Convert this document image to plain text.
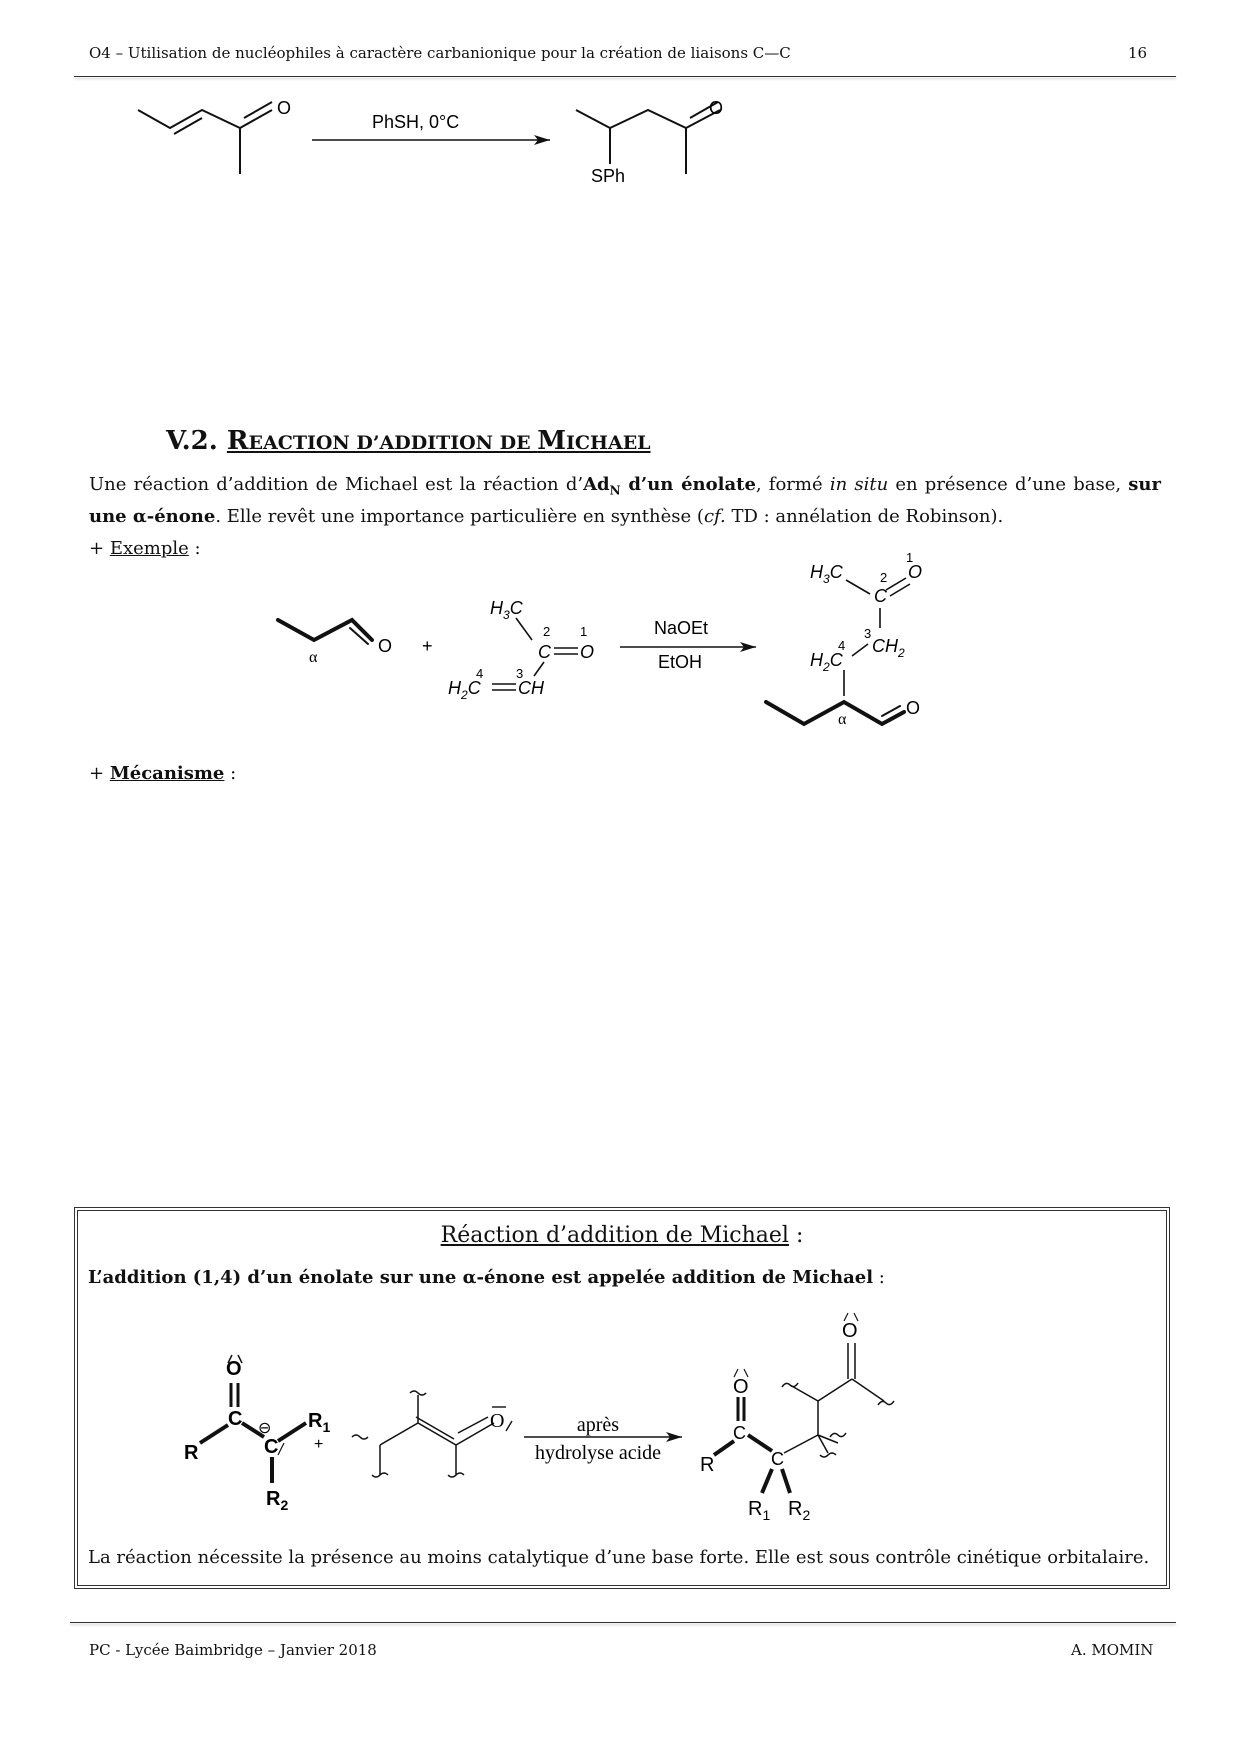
O4 – Utilisation de nucléophiles à caractère carbanionique pour la création de liaisons C—C	16
O
PhSH, 0°C
O
SPh
V.2. REACTION D’ADDITION DE MICHAEL
Une réaction d’addition de Michael est la réaction $d’Ad_N$ d’un énolate, formé in situ en présence d’une base, sur une α-énone. Elle revêt une importance particulière en synthèse (cf. TD : annélation de Robinson).
+ Exemple :
α
O +
$H_3C$
2 1
C O
4	3
$H_2C$ CH
NaOEt
EtOH
$H_3C$
1
O
2
C
3
$CH_2$
4
$H_2C$
α
O
+ Mécanisme :
Réaction d’addition de Michael :
L’addition (1,4) d’un énolate sur une α-énone est appelée addition de Michael :
O
C ⊖
C
R
$R_1$
$R_2$
+
O	après
hydrolyse acide
O
C
R	C
$R_1$ $R_2$
O
La réaction nécessite la présence au moins catalytique d’une base forte. Elle est sous contrôle cinétique orbitalaire.
PC - Lycée Baimbridge – Janvier 2018	A. MOMIN
